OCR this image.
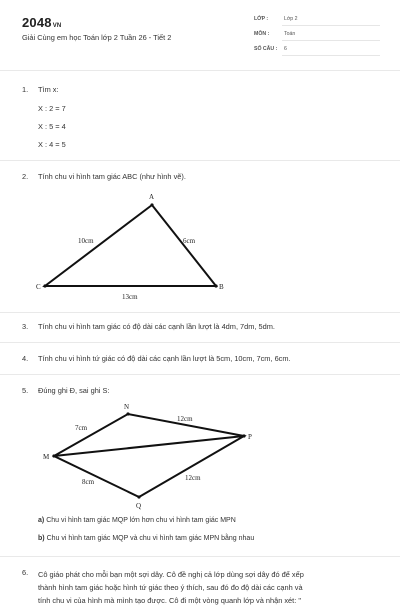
2048VN
Giải Cùng em học Toán lớp 2 Tuần 26 - Tiết 2
LỚP :	Lớp 2
MÔN :	Toán
SỐ CÂU : 6
1.	Tìm x:
X : 2 = 7
X : 5 = 4
X : 4 = 5
2.	Tính chu vi hình tam giác ABC (như hình vẽ).
A
B
C
10cm	6cm
13cm
3.	Tính chu vi hình tam giác có độ dài các cạnh lần lượt là 4dm, 7dm, 5dm.
4.	Tính chu vi hình tứ giác có độ dài các cạnh lần lượt là 5cm, 10cm, 7cm, 6cm.
5.	Đúng ghi Đ, sai ghi S:
N
P
M
Q
7cm
12cm
8cm	12cm
a) Chu vi hình tam giác MQP lớn hơn chu vi hình tam giác MPN
b) Chu vi hình tam giác MQP và chu vi hình tam giác MPN bằng nhau
6. Cô giáo phát cho mỗi bạn một sợi dây. Cô đề nghị cả lớp dùng sợi dây đó để xếp
thành hình tam giác hoặc hình tứ giác theo ý thích, sau đó đo độ dài các cạnh và
tính chu vi của hình mà mình tạo được. Cô đi một vòng quanh lớp và nhận xét: "
